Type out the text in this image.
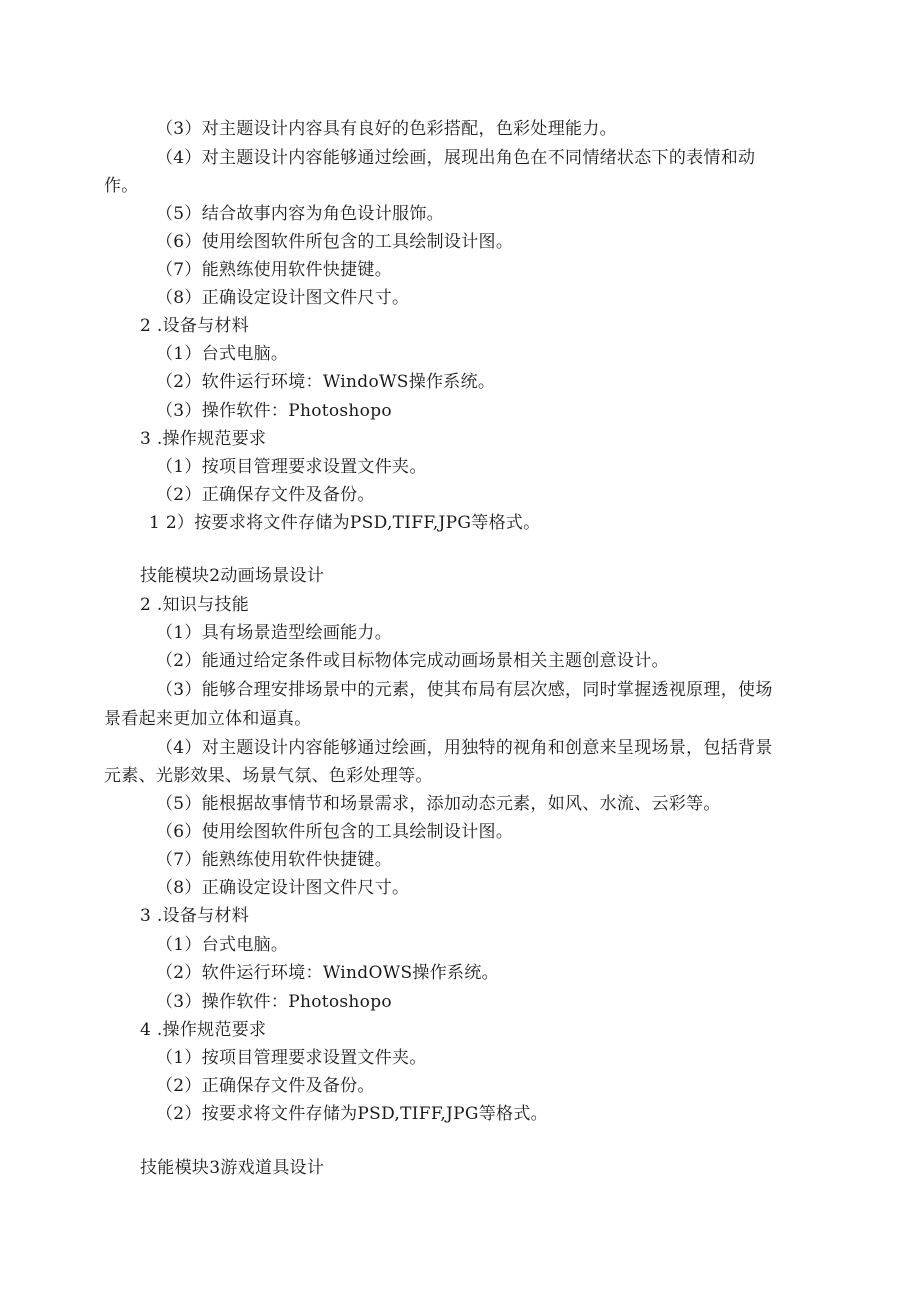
（3）对主题设计内容具有良好的色彩搭配，色彩处理能力。
（4）对主题设计内容能够通过绘画，展现出角色在不同情绪状态下的表情和动
作。
（5）结合故事内容为角色设计服饰。
（6）使用绘图软件所包含的工具绘制设计图。
（7）能熟练使用软件快捷键。
（8）正确设定设计图文件尺寸。
2 .设备与材料
（1）台式电脑。
（2）软件运行环境：WindoWS操作系统。
（3）操作软件：Photoshopo
3 .操作规范要求
（1）按项目管理要求设置文件夹。
（2）正确保存文件及备份。
1 2）按要求将文件存储为PSD,TIFF,JPG等格式。
技能模块2动画场景设计
2 .知识与技能
（1）具有场景造型绘画能力。
（2）能通过给定条件或目标物体完成动画场景相关主题创意设计。
（3）能够合理安排场景中的元素，使其布局有层次感，同时掌握透视原理，使场
景看起来更加立体和逼真。
（4）对主题设计内容能够通过绘画，用独特的视角和创意来呈现场景，包括背景
元素、光影效果、场景气氛、色彩处理等。
（5）能根据故事情节和场景需求，添加动态元素，如风、水流、云彩等。
（6）使用绘图软件所包含的工具绘制设计图。
（7）能熟练使用软件快捷键。
（8）正确设定设计图文件尺寸。
3 .设备与材料
（1）台式电脑。
（2）软件运行环境：WindOWS操作系统。
（3）操作软件：Photoshopo
4 .操作规范要求
（1）按项目管理要求设置文件夹。
（2）正确保存文件及备份。
（2）按要求将文件存储为PSD,TIFF,JPG等格式。
技能模块3游戏道具设计
